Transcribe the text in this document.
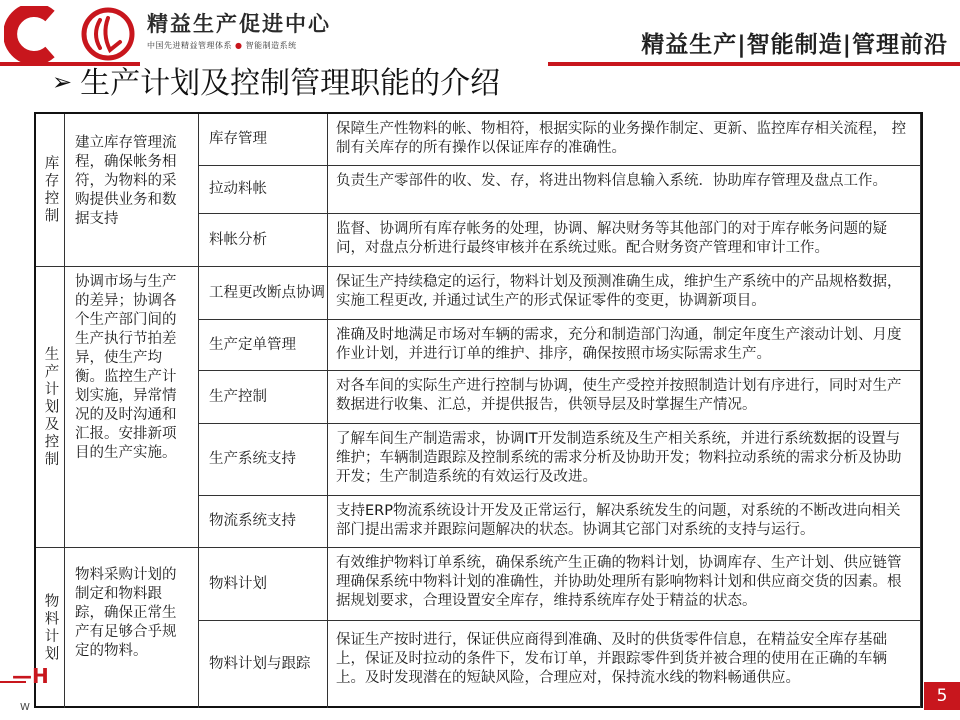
精益生产促进中心
中国先进精益管理体系 ● 智能制造系统	精益生产|智能制造|管理前沿
➢ 生产计划及控制管理职能的介绍
库存控制
建立库存管理流程，确保帐务相符，为物料的采购提供业务和数据支持
库存管理
保障生产性物料的帐、物相符，根据实际的业务操作制定、更新、监控库存相关流程， 控制有关库存的所有操作以保证库存的准确性。
拉动料帐	负责生产零部件的收、发、存，将进出物料信息输入系统．协助库存管理及盘点工作。
料帐分析
监督、协调所有库存帐务的处理，协调、解决财务等其他部门的对于库存帐务问题的疑问，对盘点分析进行最终审核并在系统过账。配合财务资产管理和审计工作。
生产计划及控制
协调市场与生产的差异；协调各个生产部门间的生产执行节拍差异，使生产均衡。监控生产计划实施，异常情况的及时沟通和汇报。安排新项目的生产实施。
工程更改断点协调
保证生产持续稳定的运行，物料计划及预测准确生成，维护生产系统中的产品规格数据，实施工程更改, 并通过试生产的形式保证零件的变更，协调新项目。
生产定单管理
准确及时地满足市场对车辆的需求，充分和制造部门沟通，制定年度生产滚动计划、月度作业计划，并进行订单的维护、排序，确保按照市场实际需求生产。
生产控制
对各车间的实际生产进行控制与协调，使生产受控并按照制造计划有序进行，同时对生产数据进行收集、汇总，并提供报告，供领导层及时掌握生产情况。
生产系统支持
了解车间生产制造需求，协调IT开发制造系统及生产相关系统，并进行系统数据的设置与维护；车辆制造跟踪及控制系统的需求分析及协助开发；物料拉动系统的需求分析及协助开发；生产制造系统的有效运行及改进。
物流系统支持
支持ERP物流系统设计开发及正常运行，解决系统发生的问题，对系统的不断改进向相关部门提出需求并跟踪问题解决的状态。协调其它部门对系统的支持与运行。
物料计划
物料采购计划的制定和物料跟踪，确保正常生产有足够合乎规定的物料。
物料计划
有效维护物料订单系统，确保系统产生正确的物料计划，协调库存、生产计划、供应链管理确保系统中物料计划的准确性，并协助处理所有影响物料计划和供应商交货的因素。根据规划要求，合理设置安全库存，维持系统库存处于精益的状态。
物料计划与跟踪
保证生产按时进行，保证供应商得到准确、及时的供货零件信息，在精益安全库存基础上，保证及时拉动的条件下，发布订单，并跟踪零件到货并被合理的使用在正确的车辆上。及时发现潜在的短缺风险，合理应对，保持流水线的物料畅通供应。
—H
W
5
